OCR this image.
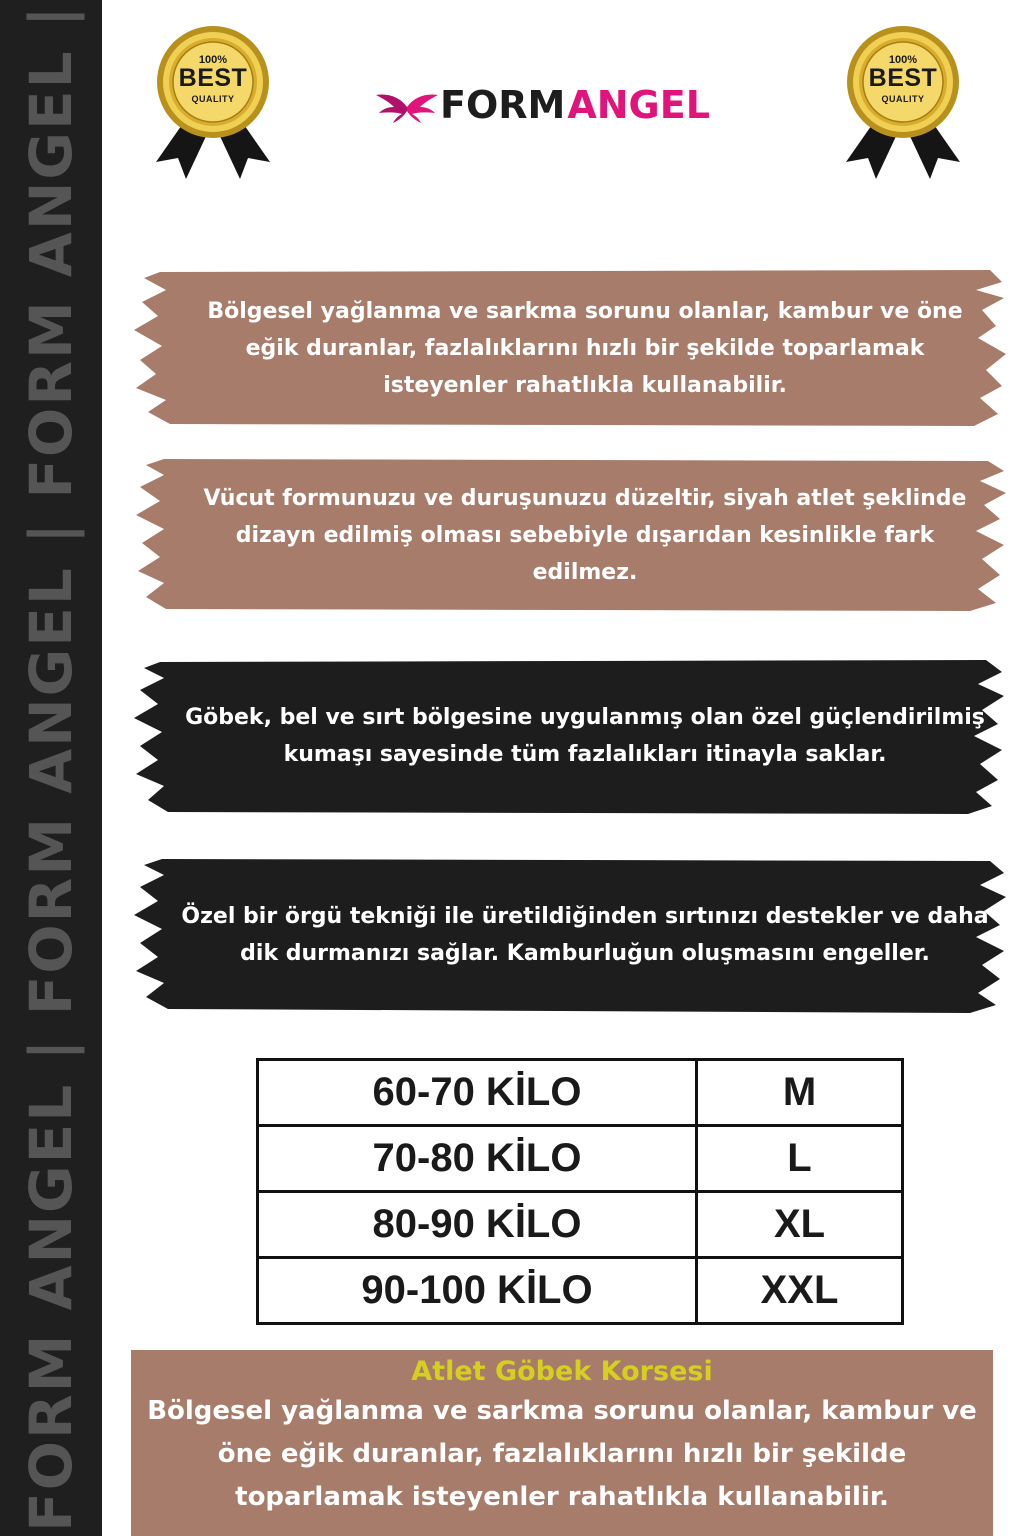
FORM ANGEL | FORM ANGEL | FORM ANGEL |	100%
BEST
QUALITY
100%
BEST
QUALITY
FORM ANGEL
Bölgesel yağlanma ve sarkma sorunu olanlar, kambur ve öne eğik duranlar, fazlalıklarını hızlı bir şekilde toparlamak isteyenler rahatlıkla kullanabilir.
Vücut formunuzu ve duruşunuzu düzeltir, siyah atlet şeklinde dizayn edilmiş olması sebebiyle dışarıdan kesinlikle fark edilmez.
Göbek, bel ve sırt bölgesine uygulanmış olan özel güçlendirilmiş kumaşı sayesinde tüm fazlalıkları itinayla saklar.
Özel bir örgü tekniği ile üretildiğinden sırtınızı destekler ve daha dik durmanızı sağlar. Kamburluğun oluşmasını engeller.
60-70 KİLO	M
70-80 KİLO	L
80-90 KİLO	XL
90-100 KİLO	XXL
Atlet Göbek Korsesi
Bölgesel yağlanma ve sarkma sorunu olanlar, kambur ve öne eğik duranlar, fazlalıklarını hızlı bir şekilde toparlamak isteyenler rahatlıkla kullanabilir.
